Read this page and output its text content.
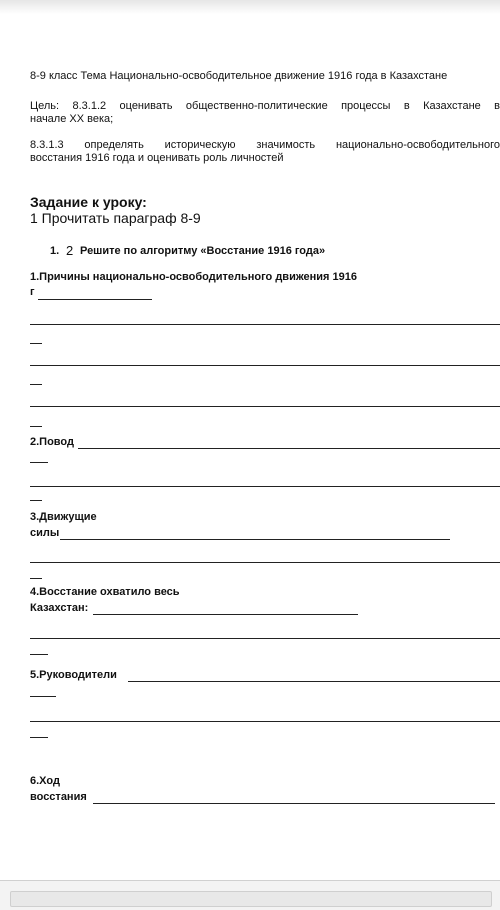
8-9 класс Тема Национально-освободительное движение 1916 года в Казахстане
Цель: 8.3.1.2 оценивать общественно-политические процессы в Казахстане в
начале XX века;
8.3.1.3 определять историческую значимость национально-освободительного
восстания 1916 года и оценивать роль личностей
Задание к уроку:
1 Прочитать параграф 8-9
1. 2 Решите по алгоритму «Восстание 1916 года»
1.Причины национально-освободительного движения 1916
г
2.Повод
3.Движущие
силы
4.Восстание охватило весь
Казахстан:
5.Руководители
6.Ход
восстания
